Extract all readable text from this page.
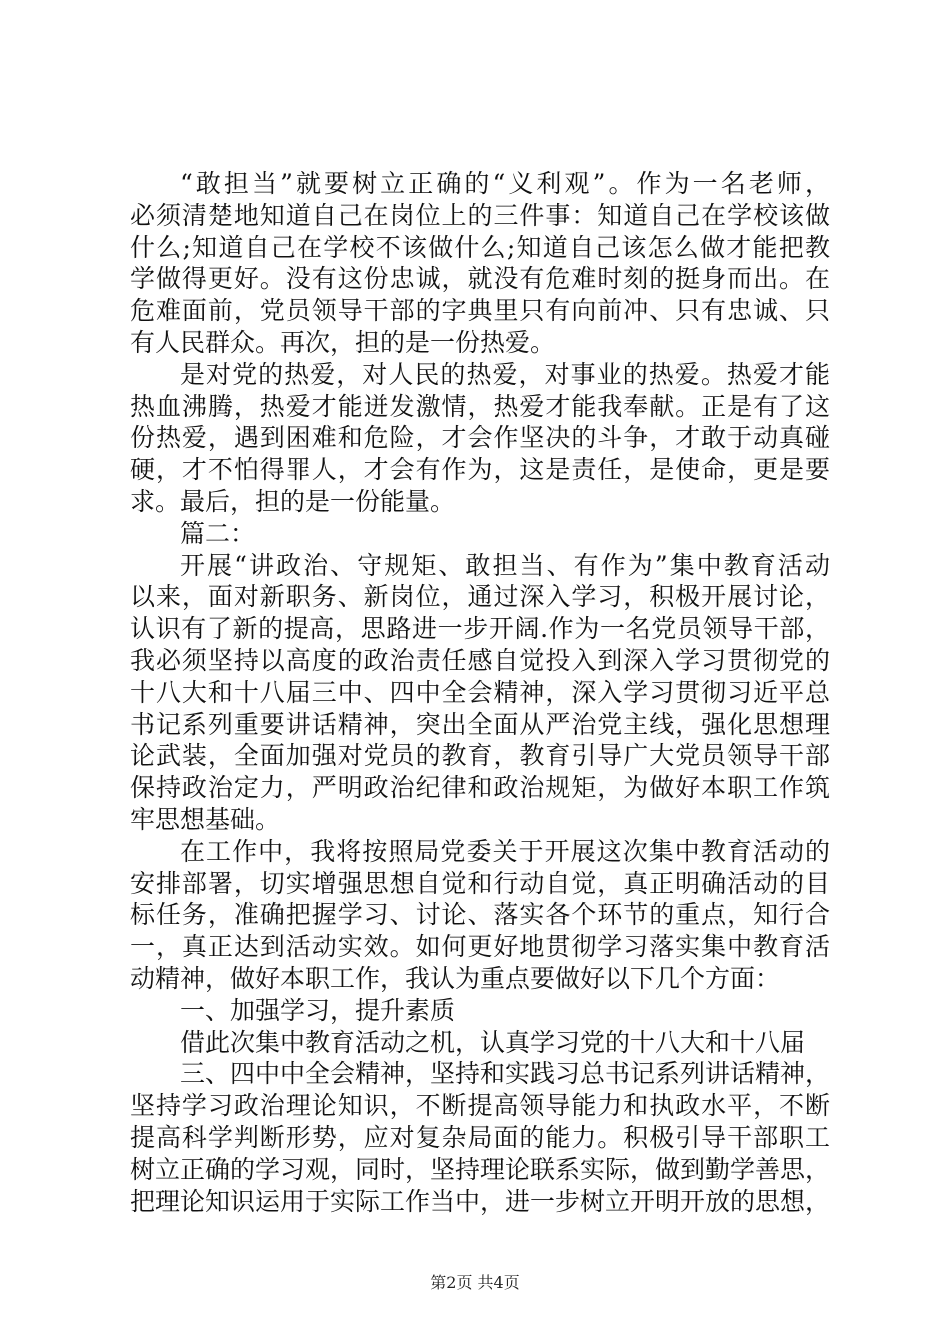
“敢担当”就要树立正确的“义利观”。作为一名老师，
必须清楚地知道自己在岗位上的三件事：知道自己在学校该做
什么;知道自己在学校不该做什么;知道自己该怎么做才能把教
学做得更好。没有这份忠诚，就没有危难时刻的挺身而出。在
危难面前，党员领导干部的字典里只有向前冲、只有忠诚、只
有人民群众。再次，担的是一份热爱。
是对党的热爱，对人民的热爱，对事业的热爱。热爱才能
热血沸腾，热爱才能迸发激情，热爱才能我奉献。正是有了这
份热爱，遇到困难和危险，才会作坚决的斗争，才敢于动真碰
硬，才不怕得罪人，才会有作为，这是责任，是使命，更是要
求。最后，担的是一份能量。
篇二：
开展“讲政治、守规矩、敢担当、有作为”集中教育活动
以来，面对新职务、新岗位，通过深入学习，积极开展讨论，
认识有了新的提高，思路进一步开阔.作为一名党员领导干部，
我必须坚持以高度的政治责任感自觉投入到深入学习贯彻党的
十八大和十八届三中、四中全会精神，深入学习贯彻习近平总
书记系列重要讲话精神，突出全面从严治党主线，强化思想理
论武装，全面加强对党员的教育，教育引导广大党员领导干部
保持政治定力，严明政治纪律和政治规矩，为做好本职工作筑
牢思想基础。
在工作中，我将按照局党委关于开展这次集中教育活动的
安排部署，切实增强思想自觉和行动自觉，真正明确活动的目
标任务，准确把握学习、讨论、落实各个环节的重点，知行合
一，真正达到活动实效。如何更好地贯彻学习落实集中教育活
动精神，做好本职工作，我认为重点要做好以下几个方面：
一、加强学习，提升素质
借此次集中教育活动之机，认真学习党的十八大和十八届
三、四中中全会精神，坚持和实践习总书记系列讲话精神，
坚持学习政治理论知识，不断提高领导能力和执政水平，不断
提高科学判断形势，应对复杂局面的能力。积极引导干部职工
树立正确的学习观，同时，坚持理论联系实际，做到勤学善思，
把理论知识运用于实际工作当中，进一步树立开明开放的思想，
第2页 共4页
